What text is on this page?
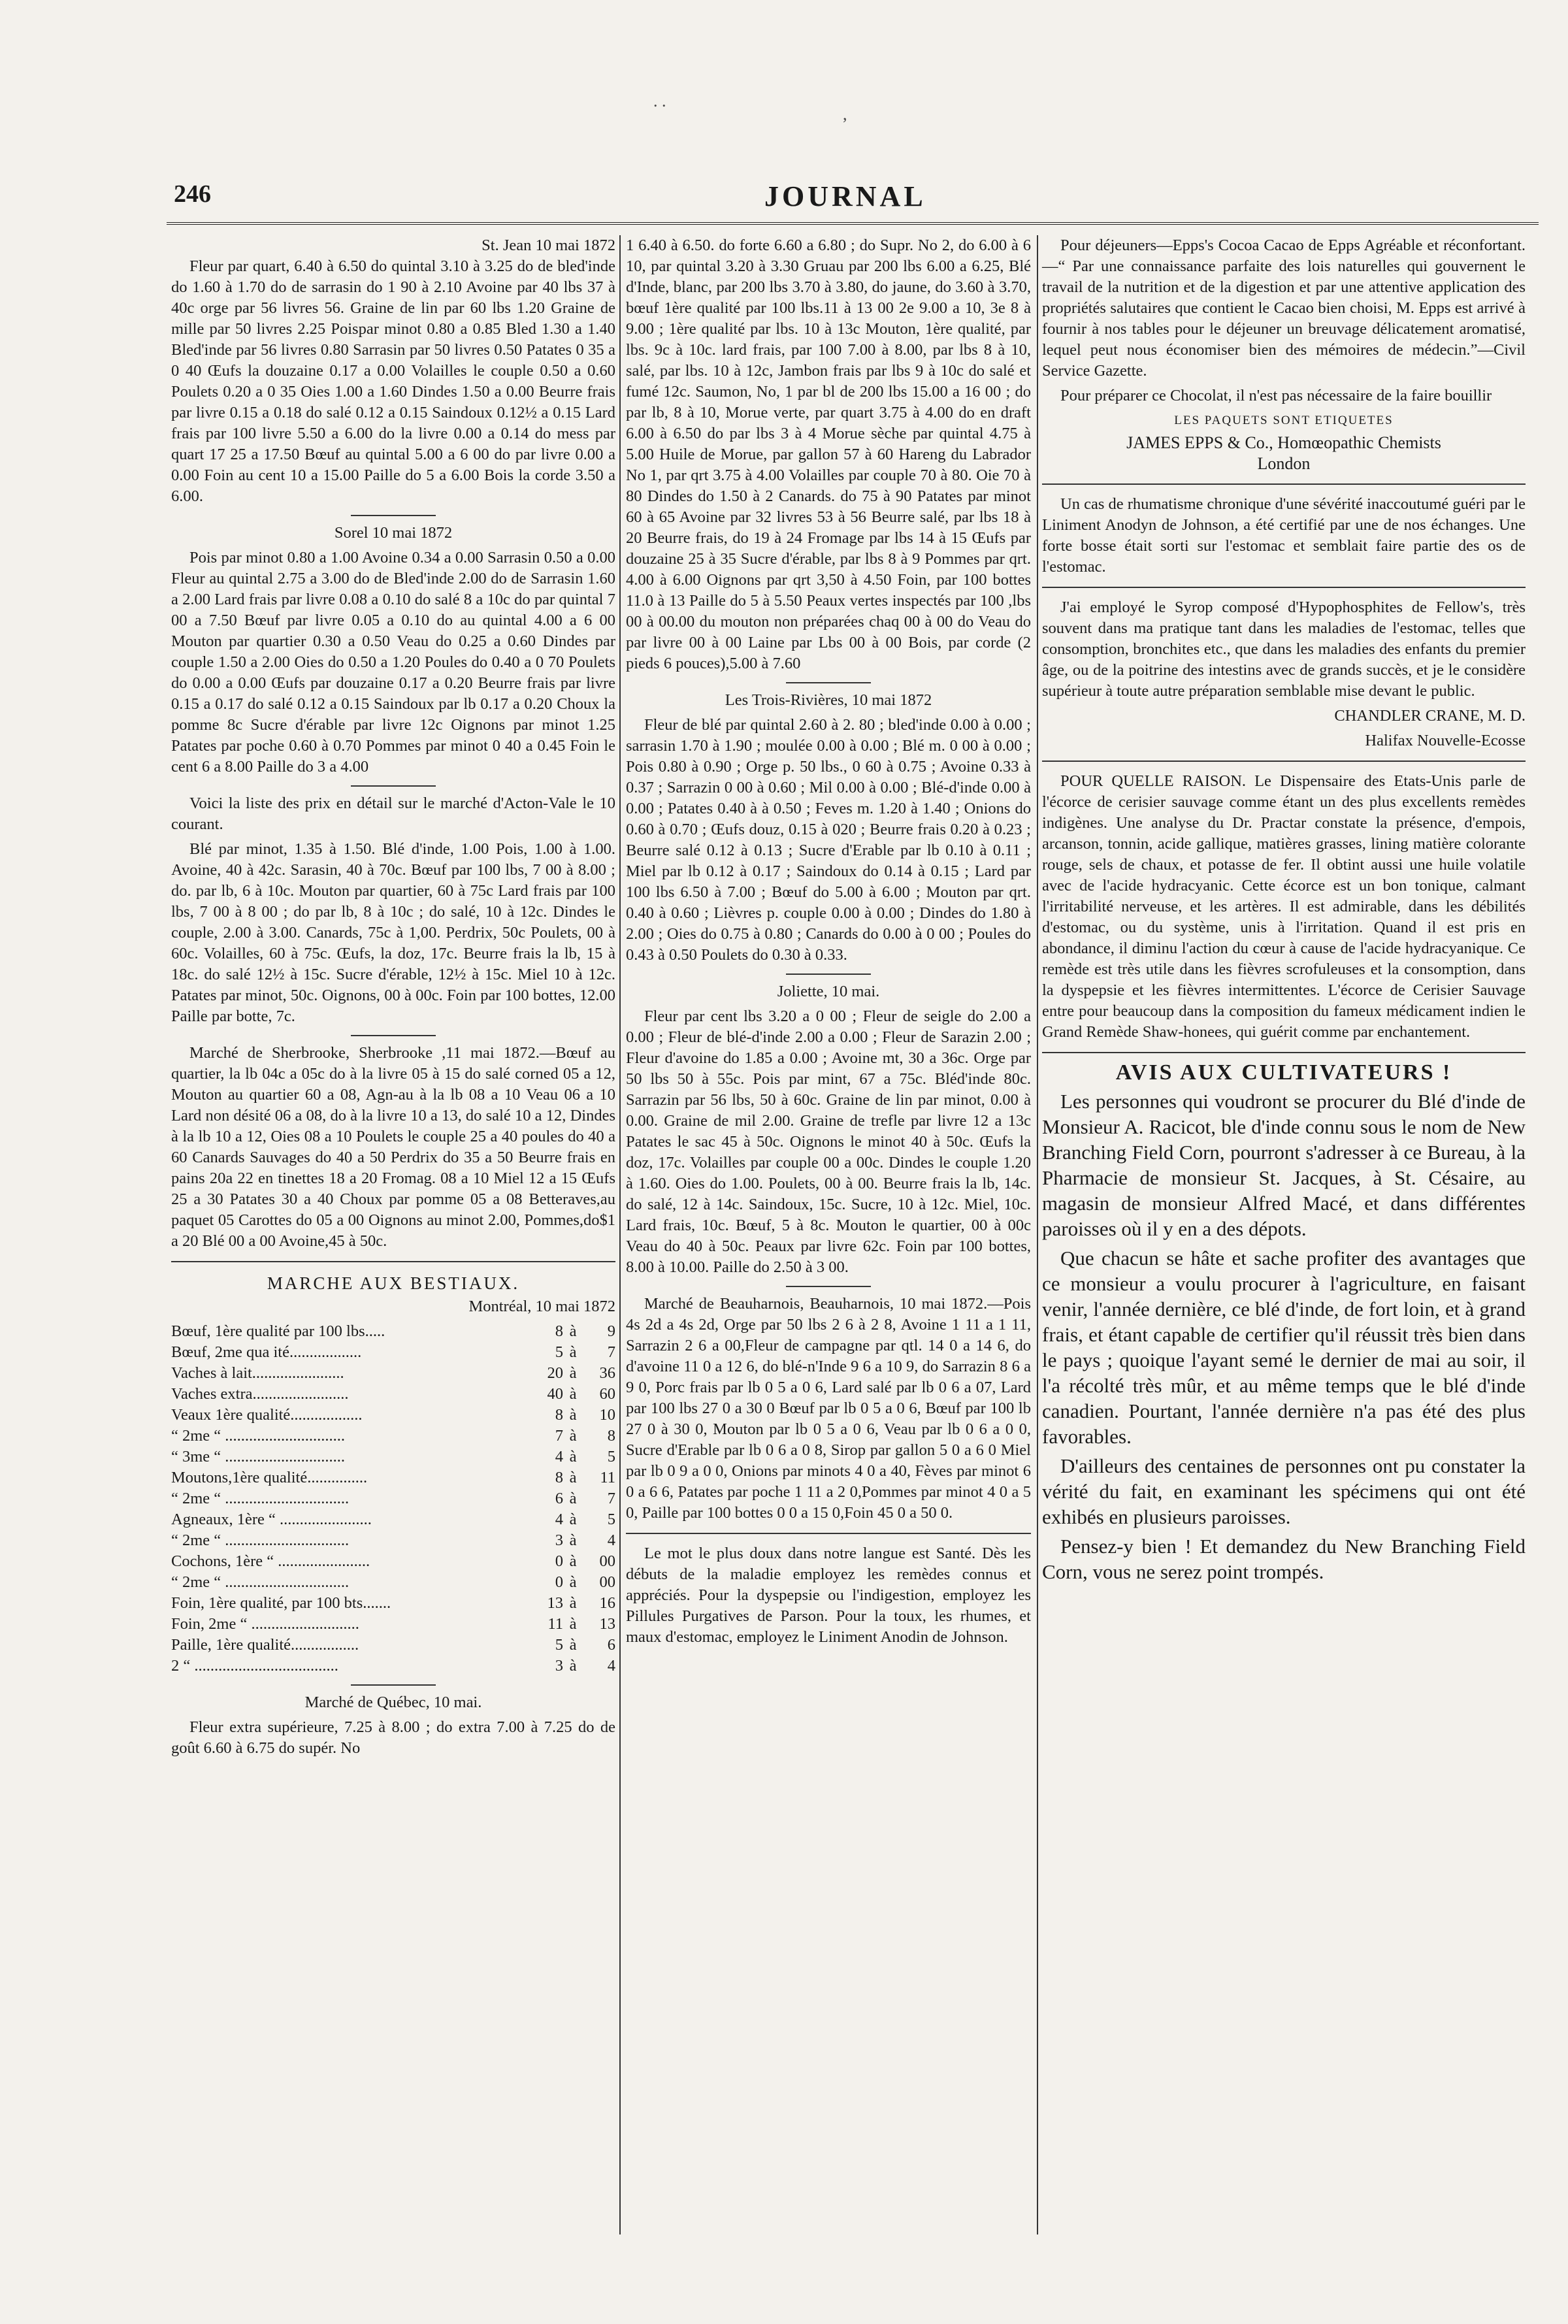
. .
,
246	JOURNAL

St. Jean 10 mai 1872

Fleur par quart, 6.40 à 6.50 do quintal 3.10 à 3.25 do de bled'inde do 1.60 à 1.70 do de sarrasin do 1 90 à 2.10 Avoine par 40 lbs 37 à 40c orge par 56 livres 56. Graine de lin par 60 lbs 1.20 Graine de mille par 50 livres 2.25 Poispar minot 0.80 a 0.85 Bled 1.30 a 1.40 Bled'inde par 56 livres 0.80 Sarrasin par 50 livres 0.50 Patates 0 35 a 0 40 Œufs la douzaine 0.17 a 0.00 Volailles le couple 0.50 a 0.60 Poulets 0.20 a 0 35 Oies 1.00 a 1.60 Dindes 1.50 a 0.00 Beurre frais par livre 0.15 a 0.18 do salé 0.12 a 0.15 Saindoux 0.12½ a 0.15 Lard frais par 100 livre 5.50 a 6.00 do la livre 0.00 a 0.14 do mess par quart 17 25 a 17.50 Bœuf au quintal 5.00 a 6 00 do par livre 0.00 a 0.00 Foin au cent 10 a 15.00 Paille do 5 a 6.00 Bois la corde 3.50 a 6.00.

Sorel 10 mai 1872

Pois par minot 0.80 a 1.00 Avoine 0.34 a 0.00 Sarrasin 0.50 a 0.00 Fleur au quintal 2.75 a 3.00 do de Bled'inde 2.00 do de Sarrasin 1.60 a 2.00 Lard frais par livre 0.08 a 0.10 do salé 8 a 10c do par quintal 7 00 a 7.50 Bœuf par livre 0.05 a 0.10 do au quintal 4.00 a 6 00 Mouton par quartier 0.30 a 0.50 Veau do 0.25 a 0.60 Dindes par couple 1.50 a 2.00 Oies do 0.50 a 1.20 Poules do 0.40 a 0 70 Poulets do 0.00 a 0.00 Œufs par douzaine 0.17 a 0.20 Beurre frais par livre 0.15 a 0.17 do salé 0.12 a 0.15 Saindoux par lb 0.17 a 0.20 Choux la pomme 8c Sucre d'érable par livre 12c Oignons par minot 1.25 Patates par poche 0.60 à 0.70 Pommes par minot 0 40 a 0.45 Foin le cent 6 a 8.00 Paille do 3 a 4.00

Voici la liste des prix en détail sur le marché d'Acton-Vale le 10 courant.

Blé par minot, 1.35 à 1.50. Blé d'inde, 1.00 Pois, 1.00 à 1.00. Avoine, 40 à 42c. Sarasin, 40 à 70c. Bœuf par 100 lbs, 7 00 à 8.00 ; do. par lb, 6 à 10c. Mouton par quartier, 60 à 75c Lard frais par 100 lbs, 7 00 à 8 00 ; do par lb, 8 à 10c ; do salé, 10 à 12c. Dindes le couple, 2.00 à 3.00. Canards, 75c à 1,00. Perdrix, 50c Poulets, 00 à 60c. Volailles, 60 à 75c. Œufs, la doz, 17c. Beurre frais la lb, 15 à 18c. do salé 12½ à 15c. Sucre d'érable, 12½ à 15c. Miel 10 à 12c. Patates par minot, 50c. Oignons, 00 à 00c. Foin par 100 bottes, 12.00 Paille par botte, 7c.

Marché de Sherbrooke, Sherbrooke ,11 mai 1872.—Bœuf au quartier, la lb 04c a 05c do à la livre 05 à 15 do salé corned 05 a 12, Mouton au quartier 60 a 08, Agn-au à la lb 08 a 10 Veau 06 a 10 Lard non désité 06 a 08, do à la livre 10 a 13, do salé 10 a 12, Dindes à la lb 10 a 12, Oies 08 a 10 Poulets le couple 25 a 40 poules do 40 a 60 Canards Sauvages do 40 a 50 Perdrix do 35 a 50 Beurre frais en pains 20a 22 en tinettes 18 a 20 Fromag. 08 a 10 Miel 12 a 15 Œufs 25 a 30 Patates 30 a 40 Choux par pomme 05 a 08 Betteraves,au paquet 05 Carottes do 05 a 00 Oignons au minot 2.00, Pommes,do$1 a 20 Blé 00 a 00 Avoine,45 à 50c.

MARCHE AUX BESTIAUX.

Montréal, 10 mai 1872

Bœuf, 1ère qualité par 100 lbs.....	8 à	9
Bœuf, 2me qua ité..................	5 à	7
Vaches à lait.......................	20 à	36
Vaches extra........................	40 à	60
Veaux 1ère qualité..................	8 à	10
“ 2me “ ..............................	7 à	8
“ 3me “ ..............................	4 à	5
Moutons,1ère qualité...............	8 à	11
“ 2me “ ...............................	6 à	7
Agneaux, 1ère “ .......................	4 à	5
“ 2me “ ...............................	3 à	4
Cochons, 1ère “ .......................	0 à	00
“ 2me “ ...............................	0 à	00
Foin, 1ère qualité, par 100 bts.......	13 à	16
Foin, 2me “ ...........................	11 à	13
Paille, 1ère qualité.................	5 à	6
2 “ ....................................	3 à	4

Marché de Québec, 10 mai.

Fleur extra supérieure, 7.25 à 8.00 ; do extra 7.00 à 7.25 do de goût 6.60 à 6.75 do supér. No

1 6.40 à 6.50. do forte 6.60 a 6.80 ; do Supr. No 2, do 6.00 à 6 10, par quintal 3.20 à 3.30 Gruau par 200 lbs 6.00 a 6.25, Blé d'Inde, blanc, par 200 lbs 3.70 à 3.80, do jaune, do 3.60 à 3.70, bœuf 1ère qualité par 100 lbs.11 à 13 00 2e 9.00 a 10, 3e 8 à 9.00 ; 1ère qualité par lbs. 10 à 13c Mouton, 1ère qualité, par lbs. 9c à 10c. lard frais, par 100 7.00 à 8.00, par lbs 8 à 10, salé, par lbs. 10 à 12c, Jambon frais par lbs 9 à 10c do salé et fumé 12c. Saumon, No, 1 par bl de 200 lbs 15.00 a 16 00 ; do par lb, 8 à 10, Morue verte, par quart 3.75 à 4.00 do en draft 6.00 à 6.50 do par lbs 3 à 4 Morue sèche par quintal 4.75 à 5.00 Huile de Morue, par gallon 57 à 60 Hareng du Labrador No 1, par qrt 3.75 à 4.00 Volailles par couple 70 à 80. Oie 70 à 80 Dindes do 1.50 à 2 Canards. do 75 à 90 Patates par minot 60 à 65 Avoine par 32 livres 53 à 56 Beurre salé, par lbs 18 à 20 Beurre frais, do 19 à 24 Fromage par lbs 14 à 15 Œufs par douzaine 25 à 35 Sucre d'érable, par lbs 8 à 9 Pommes par qrt. 4.00 à 6.00 Oignons par qrt 3,50 à 4.50 Foin, par 100 bottes 11.0 à 13 Paille do 5 à 5.50 Peaux vertes inspectés par 100 ,lbs 00 à 00.00 du mouton non préparées chaq 00 à 00 do Veau do par livre 00 à 00 Laine par Lbs 00 à 00 Bois, par corde (2 pieds 6 pouces),5.00 à 7.60

Les Trois-Rivières, 10 mai 1872

Fleur de blé par quintal 2.60 à 2. 80 ; bled'inde 0.00 à 0.00 ; sarrasin 1.70 à 1.90 ; moulée 0.00 à 0.00 ; Blé m. 0 00 à 0.00 ; Pois 0.80 à 0.90 ; Orge p. 50 lbs., 0 60 à 0.75 ; Avoine 0.33 à 0.37 ; Sarrazin 0 00 à 0.60 ; Mil 0.00 à 0.00 ; Blé-d'inde 0.00 à 0.00 ; Patates 0.40 à à 0.50 ; Feves m. 1.20 à 1.40 ; Onions do 0.60 à 0.70 ; Œufs douz, 0.15 à 020 ; Beurre frais 0.20 à 0.23 ; Beurre salé 0.12 à 0.13 ; Sucre d'Erable par lb 0.10 à 0.11 ; Miel par lb 0.12 à 0.17 ; Saindoux do 0.14 à 0.15 ; Lard par 100 lbs 6.50 à 7.00 ; Bœuf do 5.00 à 6.00 ; Mouton par qrt. 0.40 à 0.60 ; Lièvres p. couple 0.00 à 0.00 ; Dindes do 1.80 à 2.00 ; Oies do 0.75 à 0.80 ; Canards do 0.00 à 0 00 ; Poules do 0.43 à 0.50 Poulets do 0.30 à 0.33.

Joliette, 10 mai.

Fleur par cent lbs 3.20 a 0 00 ; Fleur de seigle do 2.00 a 0.00 ; Fleur de blé-d'inde 2.00 a 0.00 ; Fleur de Sarazin 2.00 ; Fleur d'avoine do 1.85 a 0.00 ; Avoine mt, 30 a 36c. Orge par 50 lbs 50 à 55c. Pois par mint, 67 a 75c. Bléd'inde 80c. Sarrazin par 56 lbs, 50 à 60c. Graine de lin par minot, 0.00 à 0.00. Graine de mil 2.00. Graine de trefle par livre 12 a 13c Patates le sac 45 à 50c. Oignons le minot 40 à 50c. Œufs la doz, 17c. Volailles par couple 00 a 00c. Dindes le couple 1.20 à 1.60. Oies do 1.00. Poulets, 00 à 00. Beurre frais la lb, 14c. do salé, 12 à 14c. Saindoux, 15c. Sucre, 10 à 12c. Miel, 10c. Lard frais, 10c. Bœuf, 5 à 8c. Mouton le quartier, 00 à 00c Veau do 40 à 50c. Peaux par livre 62c. Foin par 100 bottes, 8.00 à 10.00. Paille do 2.50 à 3 00.

Marché de Beauharnois, Beauharnois, 10 mai 1872.—Pois 4s 2d a 4s 2d, Orge par 50 lbs 2 6 à 2 8, Avoine 1 11 a 1 11, Sarrazin 2 6 a 00,Fleur de campagne par qtl. 14 0 a 14 6, do d'avoine 11 0 a 12 6, do blé-n'Inde 9 6 a 10 9, do Sarrazin 8 6 a 9 0, Porc frais par lb 0 5 a 0 6, Lard salé par lb 0 6 a 07, Lard par 100 lbs 27 0 a 30 0 Bœuf par lb 0 5 a 0 6, Bœuf par 100 lb 27 0 à 30 0, Mouton par lb 0 5 a 0 6, Veau par lb 0 6 a 0 0, Sucre d'Erable par lb 0 6 a 0 8, Sirop par gallon 5 0 a 6 0 Miel par lb 0 9 a 0 0, Onions par minots 4 0 a 40, Fèves par minot 6 0 a 6 6, Patates par poche 1 11 a 2 0,Pommes par minot 4 0 a 5 0, Paille par 100 bottes 0 0 a 15 0,Foin 45 0 a 50 0.

Le mot le plus doux dans notre langue est Santé. Dès les débuts de la maladie employez les remèdes connus et appréciés. Pour la dyspepsie ou l'indigestion, employez les Pillules Purgatives de Parson. Pour la toux, les rhumes, et maux d'estomac, employez le Liniment Anodin de Johnson.

Pour déjeuners—Epps's Cocoa Cacao de Epps Agréable et réconfortant.—“ Par une connaissance parfaite des lois naturelles qui gouvernent le travail de la nutrition et de la digestion et par une attentive application des propriétés salutaires que contient le Cacao bien choisi, M. Epps est arrivé à fournir à nos tables pour le déjeuner un breuvage délicatement aromatisé, lequel peut nous économiser bien des mémoires de médecin.”—Civil Service Gazette.

Pour préparer ce Chocolat, il n'est pas nécessaire de la faire bouillir

LES PAQUETS SONT ETIQUETES

JAMES EPPS & Co., Homœopathic Chemists
London

Un cas de rhumatisme chronique d'une sévérité inaccoutumé guéri par le Liniment Anodyn de Johnson, a été certifié par une de nos échanges. Une forte bosse était sorti sur l'estomac et semblait faire partie des os de l'estomac.

J'ai employé le Syrop composé d'Hypophosphites de Fellow's, très souvent dans ma pratique tant dans les maladies de l'estomac, telles que consomption, bronchites etc., que dans les maladies des enfants du premier âge, ou de la poitrine des intestins avec de grands succès, et je le considère supérieur à toute autre préparation semblable mise devant le public.

CHANDLER CRANE, M. D.

Halifax Nouvelle-Ecosse

POUR QUELLE RAISON. Le Dispensaire des Etats-Unis parle de l'écorce de cerisier sauvage comme étant un des plus excellents remèdes indigènes. Une analyse du Dr. Practar constate la présence, d'empois, arcanson, tonnin, acide gallique, matières grasses, lining matière colorante rouge, sels de chaux, et potasse de fer. Il obtint aussi une huile volatile avec de l'acide hydracyanic. Cette écorce est un bon tonique, calmant l'irritabilité nerveuse, et les artères. Il est admirable, dans les débilités d'estomac, ou du système, unis à l'irritation. Quand il est pris en abondance, il diminu l'action du cœur à cause de l'acide hydracyanique. Ce remède est très utile dans les fièvres scrofuleuses et la consomption, dans la dyspepsie et les fièvres intermittentes. L'écorce de Cerisier Sauvage entre pour beaucoup dans la composition du fameux médicament indien le Grand Remède Shaw-honees, qui guérit comme par enchantement.

AVIS AUX CULTIVATEURS !

Les personnes qui voudront se procurer du Blé d'inde de Monsieur A. Racicot, ble d'inde connu sous le nom de New Branching Field Corn, pourront s'adresser à ce Bureau, à la Pharmacie de monsieur St. Jacques, à St. Césaire, au magasin de monsieur Alfred Macé, et dans différentes paroisses où il y en a des dépots.

Que chacun se hâte et sache profiter des avantages que ce monsieur a voulu procurer à l'agriculture, en faisant venir, l'année dernière, ce blé d'inde, de fort loin, et à grand frais, et étant capable de certifier qu'il réussit très bien dans le pays ; quoique l'ayant semé le dernier de mai au soir, il l'a récolté très mûr, et au même temps que le blé d'inde canadien. Pourtant, l'année dernière n'a pas été des plus favorables.

D'ailleurs des centaines de personnes ont pu constater la vérité du fait, en examinant les spécimens qui ont été exhibés en plusieurs paroisses.

Pensez-y bien ! Et demandez du New Branching Field Corn, vous ne serez point trompés.
